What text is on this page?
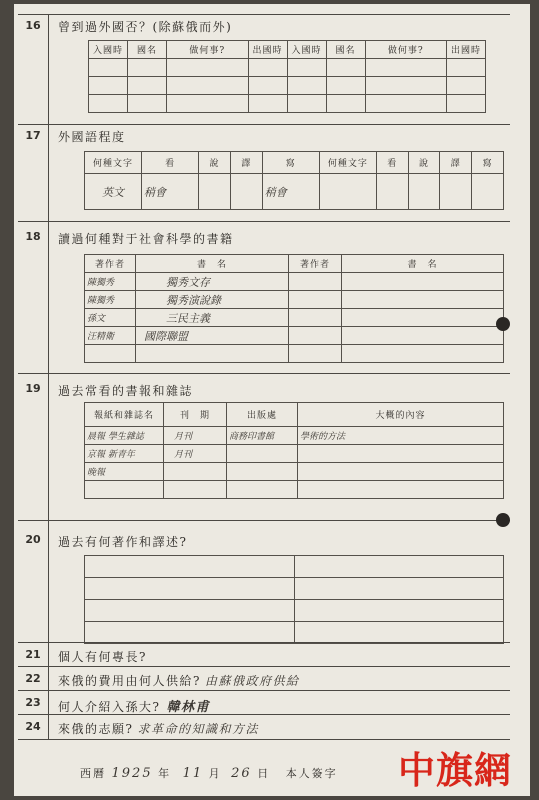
16	曾到過外國否？(除蘇俄而外)
入國時	國名	做何事?	出國時	入國時	國名	做何事?	出國時

17	外國語程度
何種文字	看	說	譯	寫	何種文字	看	說	譯	寫
英文	稍會			稍會					
18	讀過何種對于社會科學的書籍
著作者	書　名	著作者	書　名
陳獨秀	獨秀文存		
陳獨秀	獨秀演說錄		
孫文	三民主義		
汪精衛	國際聯盟		

19	過去常看的書報和雜誌
報紙和雜誌名	刊　期	出版處	大概的內容
晨報 學生雜誌	月刊	商務印書館	學術的方法
京報 新青年	月刊		
晚報			

20	過去有何著作和譯述?

21	個人有何專長?
22	來俄的費用由何人供給? 由蘇俄政府供給
23	何人介紹入孫大? 韓林甫
24	來俄的志願? 求革命的知識和方法
西曆 1925 年 11 月 26 日 本人簽字 中旗網
